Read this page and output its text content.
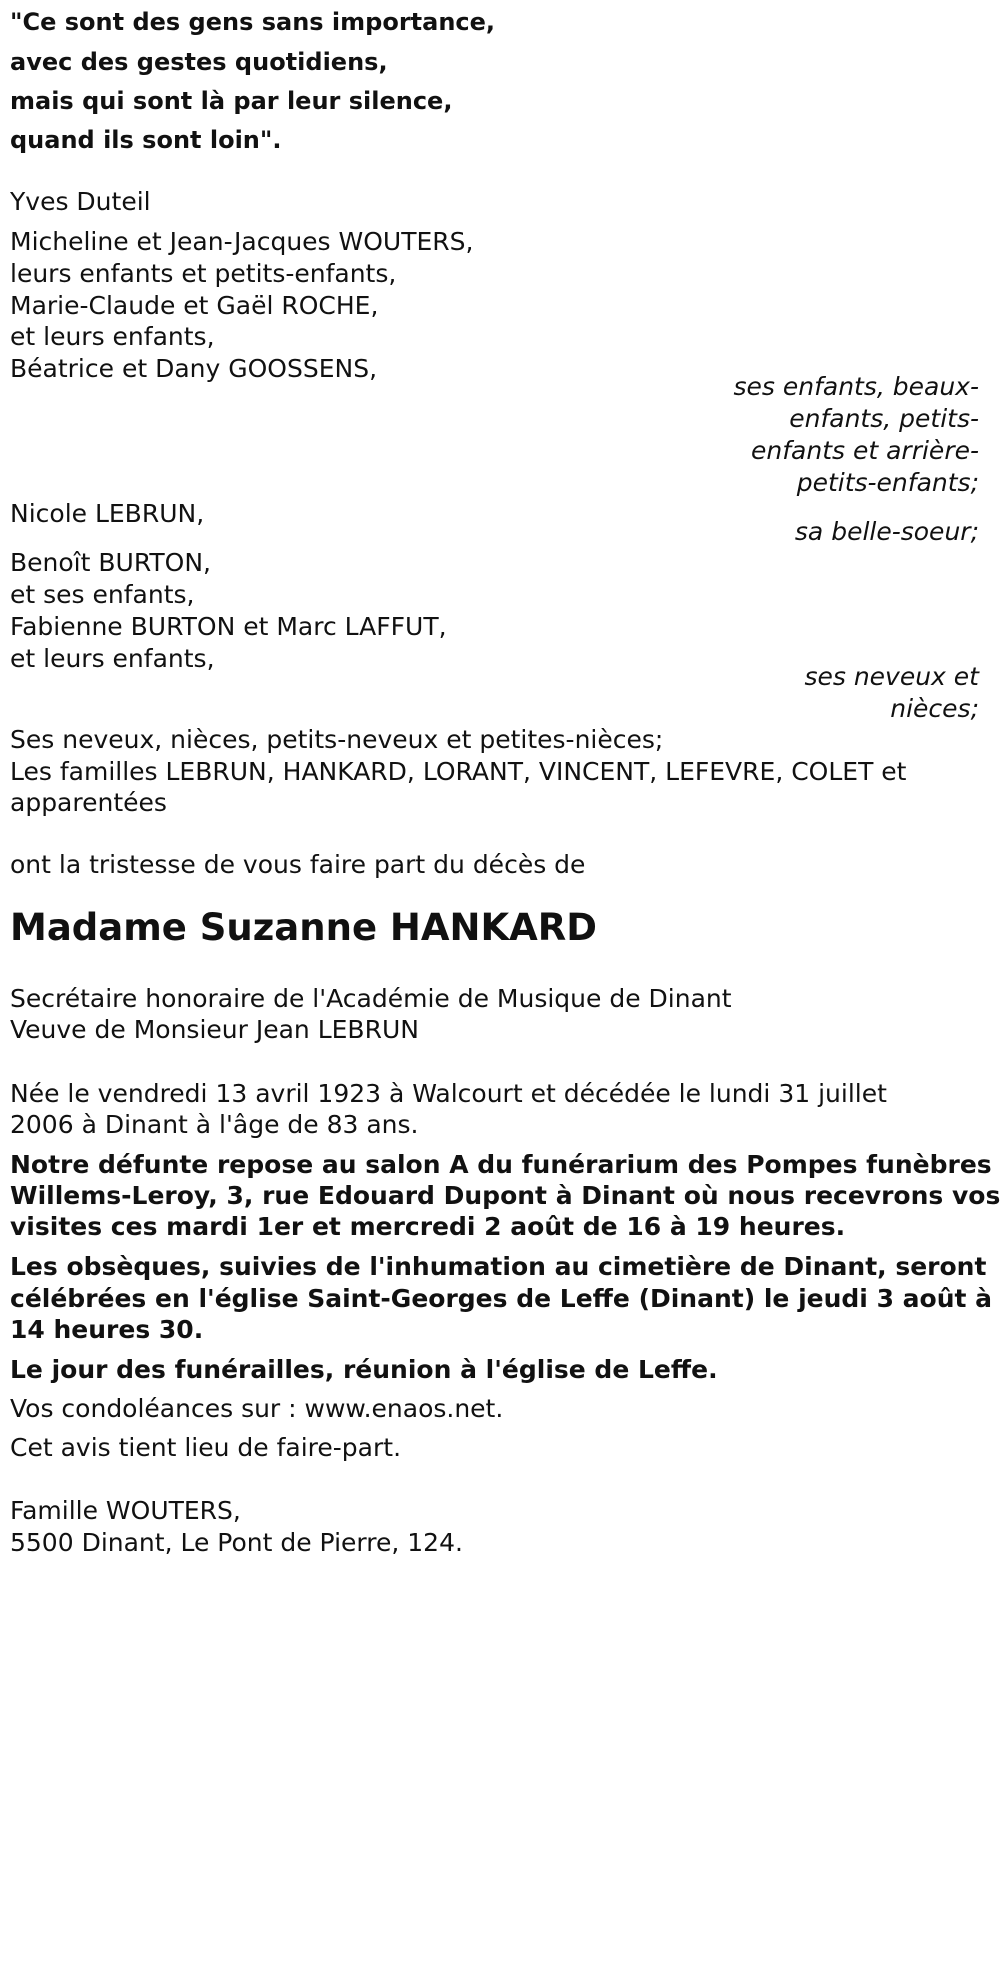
"Ce sont des gens sans importance,

avec des gestes quotidiens,

mais qui sont là par leur silence,

quand ils sont loin".

Yves Duteil

Micheline et Jean-Jacques WOUTERS,

leurs enfants et petits-enfants,

Marie-Claude et Gaël ROCHE,

et leurs enfants,

Béatrice et Dany GOOSSENS,

ses enfants, beaux-

enfants, petits-

enfants et arrière-

petits-enfants;

Nicole LEBRUN,

sa belle-soeur;

Benoît BURTON,

et ses enfants,

Fabienne BURTON et Marc LAFFUT,

et leurs enfants,

ses neveux et

nièces;

Ses neveux, nièces, petits-neveux et petites-nièces;

Les familles LEBRUN, HANKARD, LORANT, VINCENT, LEFEVRE, COLET et

apparentées

ont la tristesse de vous faire part du décès de

Madame Suzanne HANKARD

Secrétaire honoraire de l'Académie de Musique de Dinant

Veuve de Monsieur Jean LEBRUN

Née le vendredi 13 avril 1923 à Walcourt et décédée le lundi 31 juillet

2006 à Dinant à l'âge de 83 ans.

Notre défunte repose au salon A du funérarium des Pompes funèbres

Willems-Leroy, 3, rue Edouard Dupont à Dinant où nous recevrons vos

visites ces mardi 1er et mercredi 2 août de 16 à 19 heures.

Les obsèques, suivies de l'inhumation au cimetière de Dinant, seront

célébrées en l'église Saint-Georges de Leffe (Dinant) le jeudi 3 août à

14 heures 30.

Le jour des funérailles, réunion à l'église de Leffe.

Vos condoléances sur : www.enaos.net.

Cet avis tient lieu de faire-part.

Famille WOUTERS,

5500 Dinant, Le Pont de Pierre, 124.
